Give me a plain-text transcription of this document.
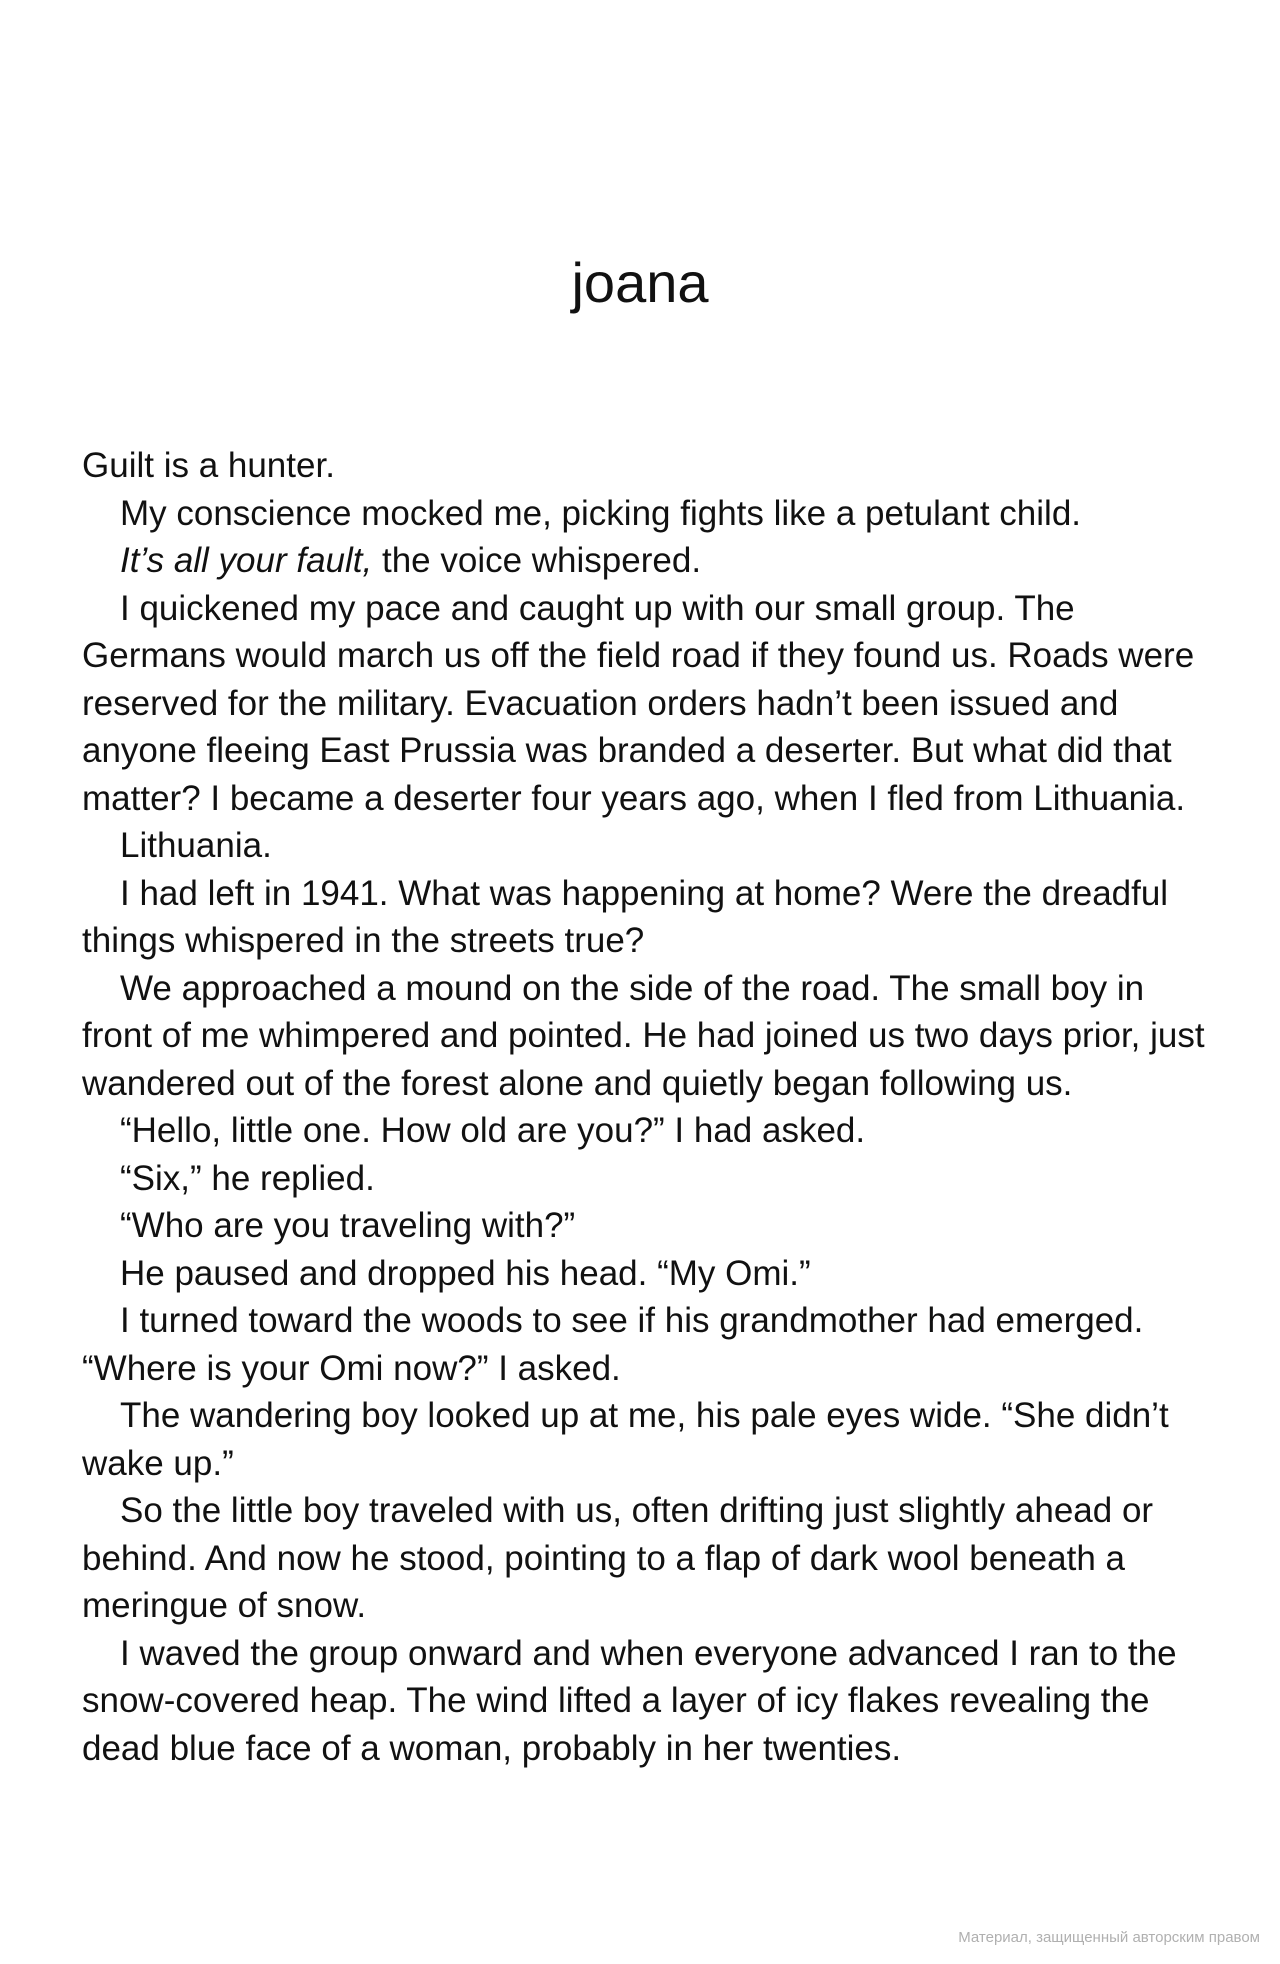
joana

Guilt is a hunter.

My conscience mocked me, picking fights like a petulant child.

It’s all your fault, the voice whispered.

I quickened my pace and caught up with our small group. The Germans would march us off the field road if they found us. Roads were reserved for the military. Evacuation orders hadn’t been issued and anyone fleeing East Prussia was branded a deserter. But what did that matter? I became a deserter four years ago, when I fled from Lithuania.

Lithuania.

I had left in 1941. What was happening at home? Were the dreadful things whispered in the streets true?

We approached a mound on the side of the road. The small boy in front of me whimpered and pointed. He had joined us two days prior, just wandered out of the forest alone and quietly began following us.

“Hello, little one. How old are you?” I had asked.

“Six,” he replied.

“Who are you traveling with?”

He paused and dropped his head. “My Omi.”

I turned toward the woods to see if his grandmother had emerged. “Where is your Omi now?” I asked.

The wandering boy looked up at me, his pale eyes wide. “She didn’t wake up.”

So the little boy traveled with us, often drifting just slightly ahead or behind. And now he stood, pointing to a flap of dark wool beneath a meringue of snow.

I waved the group onward and when everyone advanced I ran to the snow-covered heap. The wind lifted a layer of icy flakes revealing the dead blue face of a woman, probably in her twenties.

Материал, защищенный авторским правом
